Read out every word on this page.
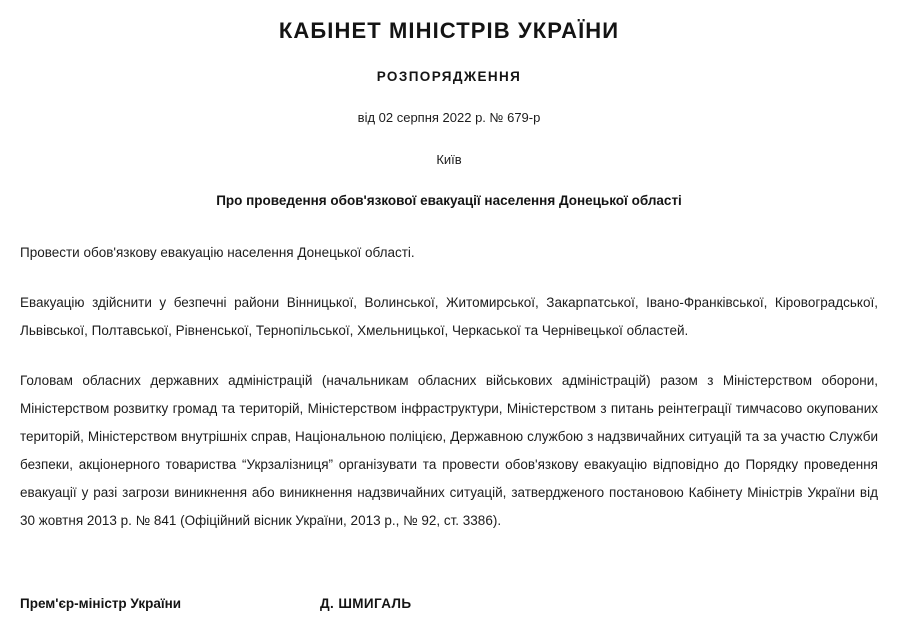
КАБІНЕТ МІНІСТРІВ УКРАЇНИ
РОЗПОРЯДЖЕННЯ
від 02 серпня 2022 р. № 679-р
Київ
Про проведення обов'язкової евакуації населення Донецької області

Провести обов'язкову евакуацію населення Донецької області.

Евакуацію здійснити у безпечні райони Вінницької, Волинської, Житомирської, Закарпатської, Івано-Франківської, Кіровоградської, Львівської, Полтавської, Рівненської, Тернопільської, Хмельницької, Черкаської та Чернівецької областей.

Головам обласних державних адміністрацій (начальникам обласних військових адміністрацій) разом з Міністерством оборони, Міністерством розвитку громад та територій, Міністерством інфраструктури, Міністерством з питань реінтеграції тимчасово окупованих територій, Міністерством внутрішніх справ, Національною поліцією, Державною службою з надзвичайних ситуацій та за участю Служби безпеки, акціонерного товариства “Укрзалізниця” організувати та провести обов'язкову евакуацію відповідно до Порядку проведення евакуації у разі загрози виникнення або виникнення надзвичайних ситуацій, затвердженого постановою Кабінету Міністрів України від 30 жовтня 2013 р. № 841 (Офіційний вісник України, 2013 р., № 92, ст. 3386).

Прем'єр-міністр України	Д. ШМИГАЛЬ
